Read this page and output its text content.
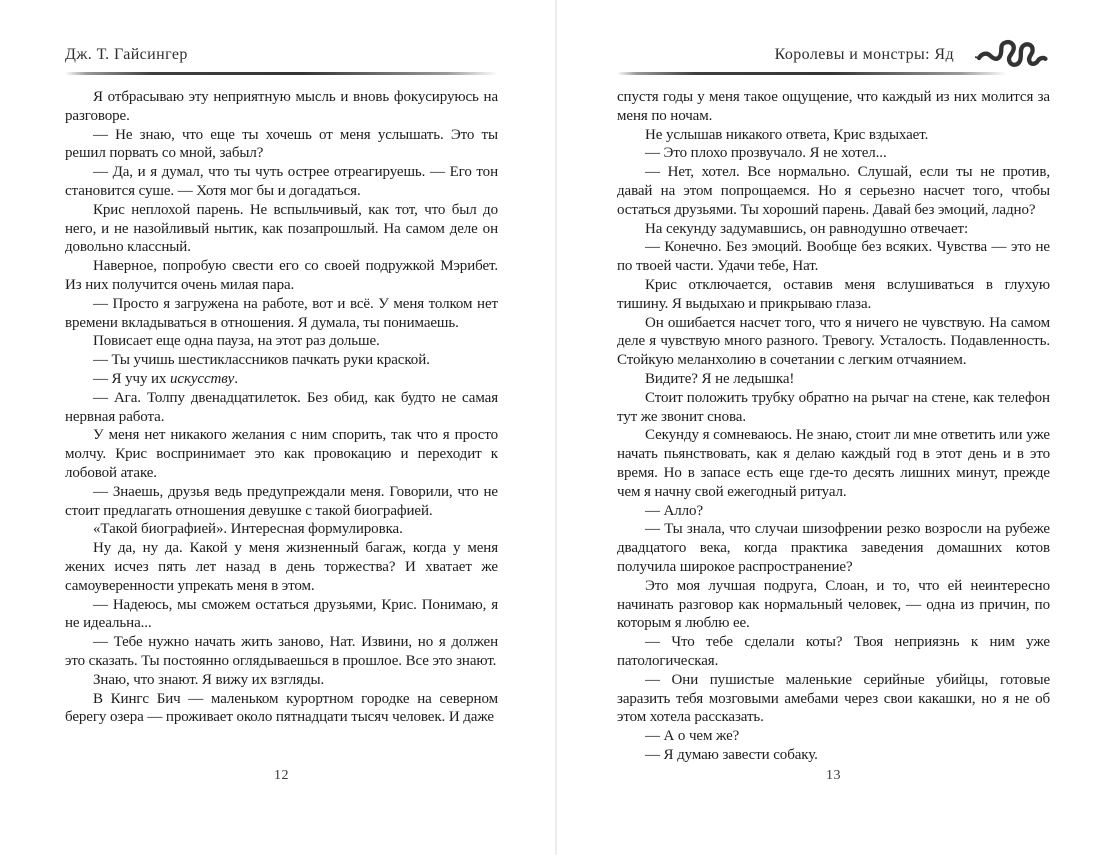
Дж. Т. Гайсингер

Я отбрасываю эту неприятную мысль и вновь фокусируюсь на разговоре.

— Не знаю, что еще ты хочешь от меня услышать. Это ты решил порвать со мной, забыл?

— Да, и я думал, что ты чуть острее отреагируешь. — Его тон становится суше. — Хотя мог бы и догадаться.

Крис неплохой парень. Не вспыльчивый, как тот, что был до него, и не назойливый нытик, как позапрошлый. На самом деле он довольно классный.

Наверное, попробую свести его со своей подружкой Мэрибет. Из них получится очень милая пара.

— Просто я загружена на работе, вот и всё. У меня толком нет времени вкладываться в отношения. Я думала, ты понимаешь.

Повисает еще одна пауза, на этот раз дольше.

— Ты учишь шестиклассников пачкать руки краской.

— Я учу их искусству.

— Ага. Толпу двенадцатилеток. Без обид, как будто не самая нервная работа.

У меня нет никакого желания с ним спорить, так что я просто молчу. Крис воспринимает это как провокацию и переходит к лобовой атаке.

— Знаешь, друзья ведь предупреждали меня. Говорили, что не стоит предлагать отношения девушке с такой биографией.

«Такой биографией». Интересная формулировка.

Ну да, ну да. Какой у меня жизненный багаж, когда у меня жених исчез пять лет назад в день торжества? И хватает же самоуверенности упрекать меня в этом.

— Надеюсь, мы сможем остаться друзьями, Крис. Понимаю, я не идеальна...

— Тебе нужно начать жить заново, Нат. Извини, но я должен это сказать. Ты постоянно оглядываешься в прошлое. Все это знают.

Знаю, что знают. Я вижу их взгляды.

В Кингс Бич — маленьком курортном городке на северном берегу озера — проживает около пятнадцати тысяч человек. И даже

12
Королевы и монстры: Яд

спустя годы у меня такое ощущение, что каждый из них молится за меня по ночам.

Не услышав никакого ответа, Крис вздыхает.

— Это плохо прозвучало. Я не хотел...

— Нет, хотел. Все нормально. Слушай, если ты не против, давай на этом попрощаемся. Но я серьезно насчет того, чтобы остаться друзьями. Ты хороший парень. Давай без эмоций, ладно?

На секунду задумавшись, он равнодушно отвечает:

— Конечно. Без эмоций. Вообще без всяких. Чувства — это не по твоей части. Удачи тебе, Нат.

Крис отключается, оставив меня вслушиваться в глухую тишину. Я выдыхаю и прикрываю глаза.

Он ошибается насчет того, что я ничего не чувствую. На самом деле я чувствую много разного. Тревогу. Усталость. Подавленность. Стойкую меланхолию в сочетании с легким отчаянием.

Видите? Я не ледышка!

Стоит положить трубку обратно на рычаг на стене, как телефон тут же звонит снова.

Секунду я сомневаюсь. Не знаю, стоит ли мне ответить или уже начать пьянствовать, как я делаю каждый год в этот день и в это время. Но в запасе есть еще где-то десять лишних минут, прежде чем я начну свой ежегодный ритуал.

— Алло?

— Ты знала, что случаи шизофрении резко возросли на рубеже двадцатого века, когда практика заведения домашних котов получила широкое распространение?

Это моя лучшая подруга, Слоан, и то, что ей неинтересно начинать разговор как нормальный человек, — одна из причин, по которым я люблю ее.

— Что тебе сделали коты? Твоя неприязнь к ним уже патологическая.

— Они пушистые маленькие серийные убийцы, готовые заразить тебя мозговыми амебами через свои какашки, но я не об этом хотела рассказать.

— А о чем же?

— Я думаю завести собаку.

13
